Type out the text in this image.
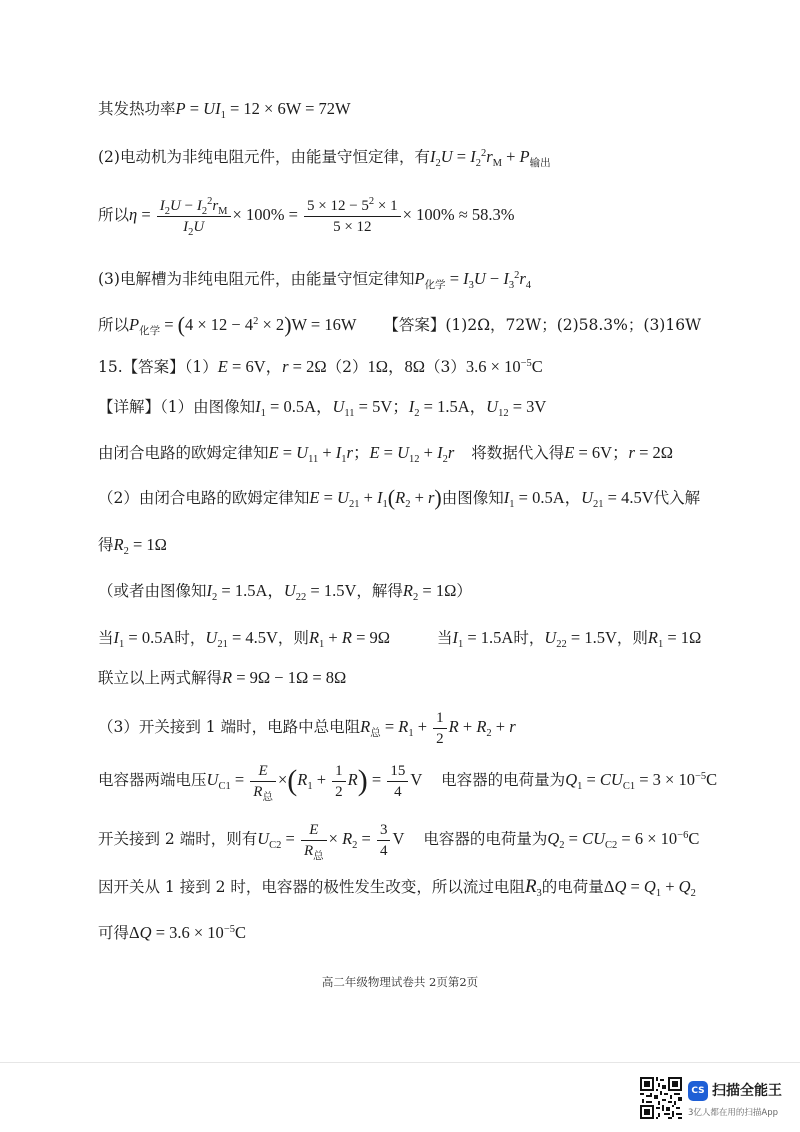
其发热功率$P = UI_1 = 12 \times 6W = 72W$
(2)电动机为非纯电阻元件，由能量守恒定律，有$I_2U = I_2^2r_M + P_{输出}$
所以$\eta = \frac{I_2U - I_2^2r_M}{I_2U} \times 100\% = \frac{5 \times 12 - 5^2 \times 1}{5 \times 12} \times 100\% \approx 58.3\%$
(3)电解槽为非纯电阻元件，由能量守恒定律知$P_{化学} = I_3U - I_3^2r_4$
所以$P_{化学} = (4 \times 12 - 4^2 \times 2)W = 16W$ 【答案】(1)2Ω，72W；(2)58.3%；(3)16W
15.【答案】（1）E = 6V，r = 2Ω（2）1Ω，$8\Omega(3)3.6 \times 10^{-5}C$
【详解】（1）由图像知$I_1 = 0.5A$，$U_{11} = 5V$；$I_2 = 1.5A$，$U_{12} = 3V$
由闭合电路的欧姆定律知$E = U_{11} + I_1r$；$E = U_{12} + I_2r$ 将数据代入得E = 6V；r = 2Ω
（2）由闭合电路的欧姆定律知$E = U_{21} + I_1(R_2 + r)$由图像知$I_1 = 0.5A$，$U_{21} = 4.5V$代入解
得$R_2 = 1\Omega$
（或者由图像知$I_2 = 1.5A$，$U_{22} = 1.5V$，解得$R_2 = 1\Omega$）
当$I_1 = 0.5A$时，$U_{21} = 4.5V$，则$R_1 + R = 9\Omega$	当$I_1 = 1.5A$时，$U_{22} = 1.5V$，则$R_1 = 1\Omega$
联立以上两式解得R = 9Ω − 1Ω = 8Ω
（3）开关接到 1 端时，电路中总电阻$R_总 = R_1 + \frac{1}{2}$ $R + R_2 + r$
电容器两端电压$U_{C1} = \frac{E}{R_总} \times(R_1 + \frac{1}{2} R) = \frac{15}{4}$ V 电容器的电荷量为$Q_1 = CU_{C1} = 3 \times 10^{-5}C$
开关接到 2 端时，则有$U_{C2} = \frac{E}{R_总} \times R_2 = \frac{3}{4}$ V 电容器的电荷量为$Q_2 = CU_{C2} = 6 \times 10^{-6}C$
因开关从 1 接到 2 时，电容器的极性发生改变，所以流过电阻$R_3$的电荷量$\Delta Q = Q_1 + Q_2$
可得$\Delta Q = 3.6 \times 10^{-5}C$
高二年级物理试卷共 2页第2页
CS 扫描全能王
3亿人都在用的扫描App
